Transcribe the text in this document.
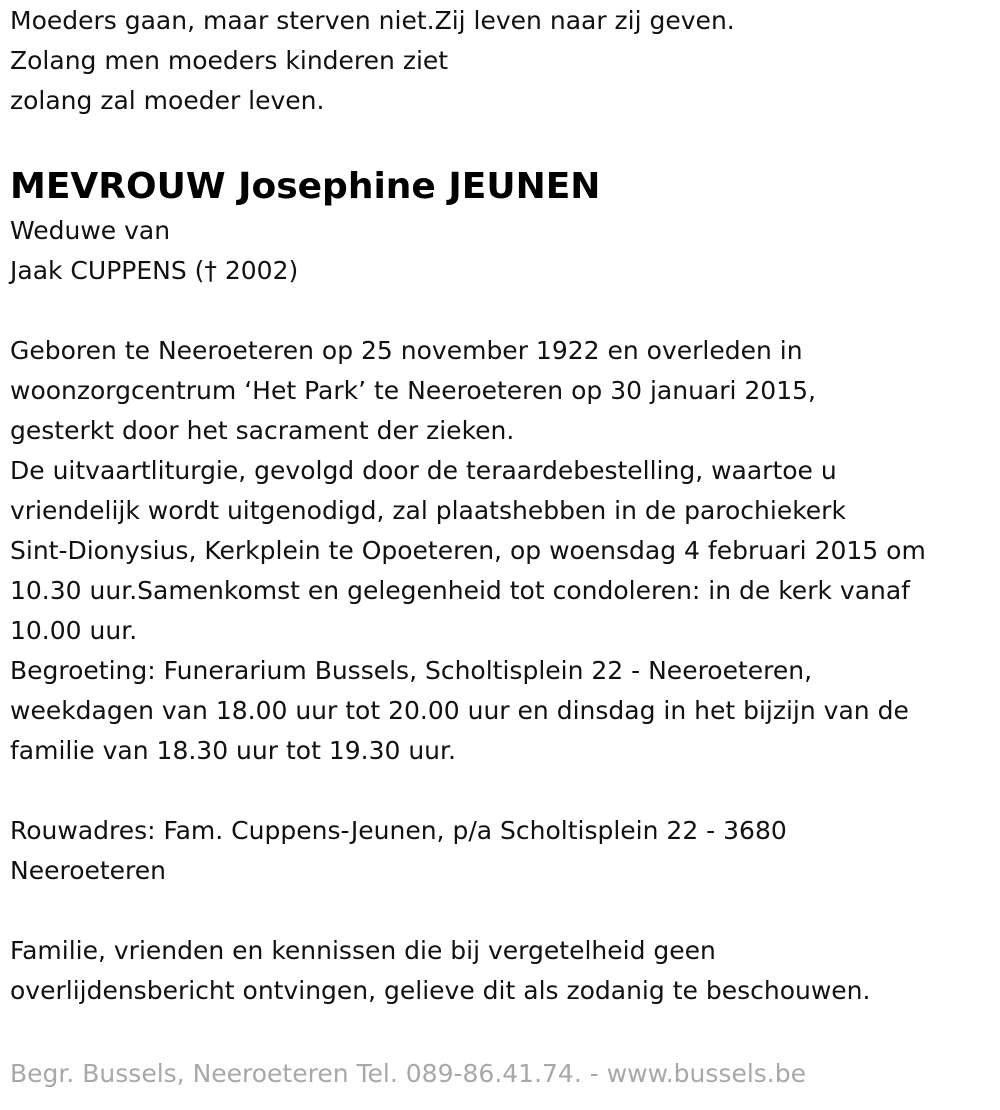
Moeders gaan, maar sterven niet.Zij leven naar zij geven.
Zolang men moeders kinderen ziet
zolang zal moeder leven.
MEVROUW Josephine JEUNEN
Weduwe van
Jaak CUPPENS († 2002)
Geboren te Neeroeteren op 25 november 1922 en overleden in
woonzorgcentrum ‘Het Park’ te Neeroeteren op 30 januari 2015,
gesterkt door het sacrament der zieken.
De uitvaartliturgie, gevolgd door de teraardebestelling, waartoe u
vriendelijk wordt uitgenodigd, zal plaatshebben in de parochiekerk
Sint-Dionysius, Kerkplein te Opoeteren, op woensdag 4 februari 2015 om
10.30 uur.Samenkomst en gelegenheid tot condoleren: in de kerk vanaf
10.00 uur.
Begroeting: Funerarium Bussels, Scholtisplein 22 - Neeroeteren,
weekdagen van 18.00 uur tot 20.00 uur en dinsdag in het bijzijn van de
familie van 18.30 uur tot 19.30 uur.
Rouwadres: Fam. Cuppens-Jeunen, p/a Scholtisplein 22 - 3680
Neeroeteren
Familie, vrienden en kennissen die bij vergetelheid geen
overlijdensbericht ontvingen, gelieve dit als zodanig te beschouwen.
Begr. Bussels, Neeroeteren Tel. 089-86.41.74. - www.bussels.be
